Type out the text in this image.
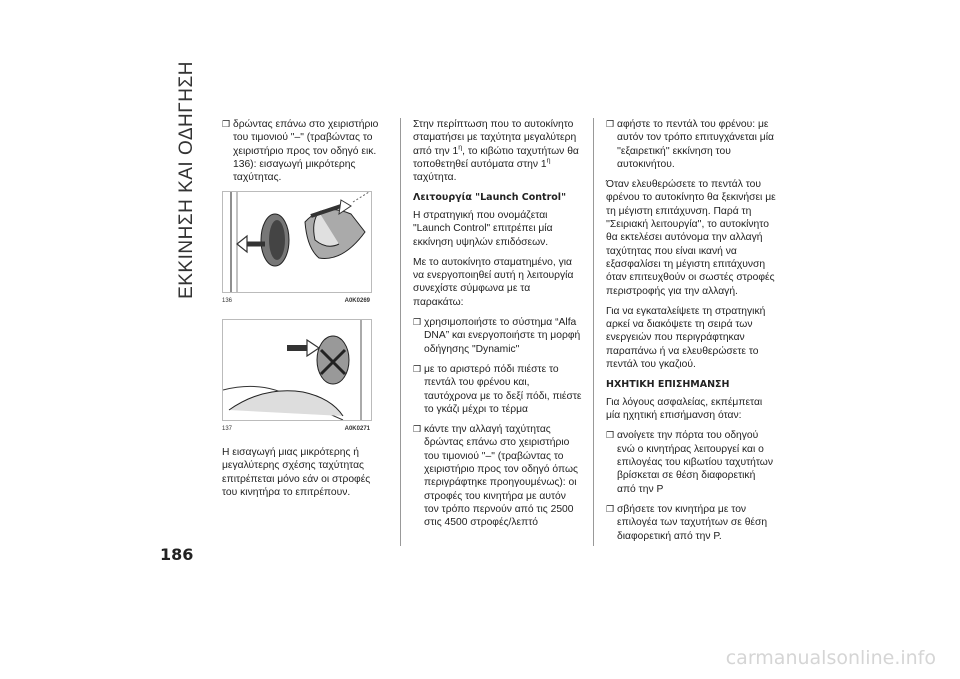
ΕΚΚΙΝΗΣΗ ΚΑΙ ΟΔΗΓΗΣΗ	❒ δρώντας επάνω στο χειριστήριο του τιμονιού "–" (τραβώντας το χειριστήριο προς τον οδηγό εικ. 136): εισαγωγή μικρότερης ταχύτητας.
136	A0K0269
137	A0K0271

Η εισαγωγή μιας μικρότερης ή μεγαλύτερης σχέσης ταχύτητας επιτρέπεται μόνο εάν οι στροφές του κινητήρα το επιτρέπουν.

Στην περίπτωση που το αυτοκίνητο σταματήσει με ταχύτητα μεγαλύτερη από την $1^\eta$, το κιβώτιο ταχυτήτων θα τοποθετηθεί αυτόματα στην $1^\eta$ ταχύτητα.

Λειτουργία "Launch Control"

Η στρατηγική που ονομάζεται "Launch Control" επιτρέπει μία εκκίνηση υψηλών επιδόσεων.

Με το αυτοκίνητο σταματημένο, για να ενεργοποιηθεί αυτή η λειτουργία συνεχίστε σύμφωνα με τα παρακάτω:

❒ χρησιμοποιήστε το σύστημα “Alfa DNA” και ενεργοποιήστε τη μορφή οδήγησης "Dynamic"
❒ με το αριστερό πόδι πιέστε το πεντάλ του φρένου και, ταυτόχρονα με το δεξί πόδι, πιέστε το γκάζι μέχρι το τέρμα
❒ κάντε την αλλαγή ταχύτητας δρώντας επάνω στο χειριστήριο του τιμονιού "–" (τραβώντας το χειριστήριο προς τον οδηγό όπως περιγράφτηκε προηγουμένως): οι στροφές του κινητήρα με αυτόν τον τρόπο περνούν από τις 2500 στις 4500 στροφές/λεπτό
❒ αφήστε το πεντάλ του φρένου: με αυτόν τον τρόπο επιτυγχάνεται μία ''εξαιρετική'' εκκίνηση του αυτοκινήτου.

Όταν ελευθερώσετε το πεντάλ του φρένου το αυτοκίνητο θα ξεκινήσει με τη μέγιστη επιτάχυνση. Παρά τη ''Σειριακή λειτουργία'', το αυτοκίνητο θα εκτελέσει αυτόνομα την αλλαγή ταχύτητας που είναι ικανή να εξασφαλίσει τη μέγιστη επιτάχυνση όταν επιτευχθούν οι σωστές στροφές περιστροφής για την αλλαγή.

Για να εγκαταλείψετε τη στρατηγική αρκεί να διακόψετε τη σειρά των ενεργειών που περιγράφτηκαν παραπάνω ή να ελευθερώσετε το πεντάλ του γκαζιού.

ΗΧΗΤΙΚΗ ΕΠΙΣΗΜΑΝΣΗ

Για λόγους ασφαλείας, εκπέμπεται μία ηχητική επισήμανση όταν:

❒ ανοίγετε την πόρτα του οδηγού ενώ ο κινητήρας λειτουργεί και ο επιλογέας του κιβωτίου ταχυτήτων βρίσκεται σε θέση διαφορετική από την P
❒ σβήσετε τον κινητήρα με τον επιλογέα των ταχυτήτων σε θέση διαφορετική από την P.
186
carmanualsonline.info
